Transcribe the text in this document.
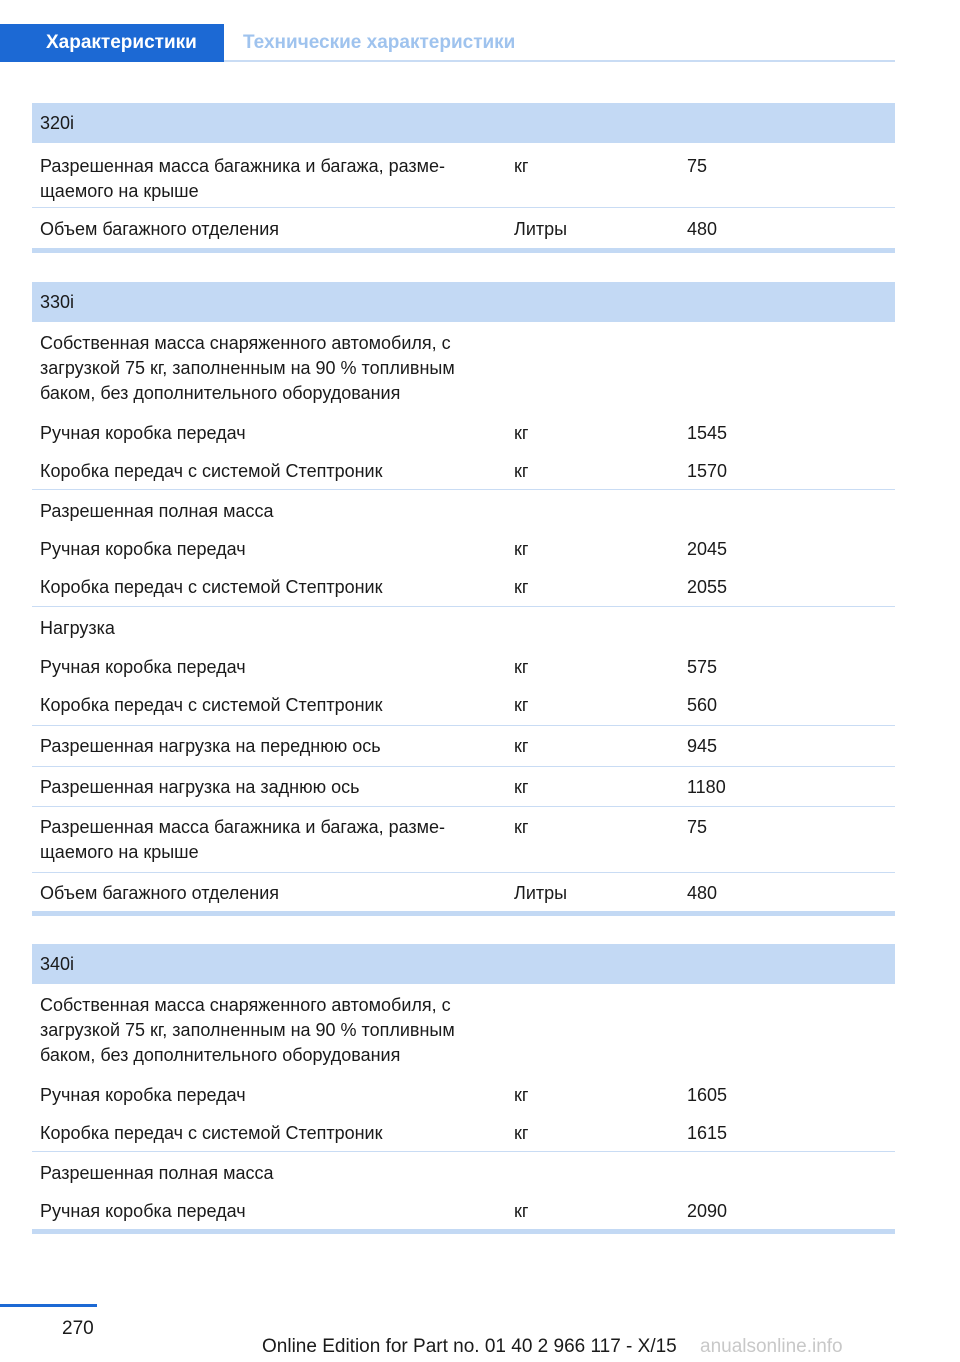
Характеристики	Технические характеристики
320i
Разрешенная масса багажника и багажа, разме-
щаемого на крыше
кг	75
Объем багажного отделения	Литры	480
330i
Собственная масса снаряженного автомобиля, с
загрузкой 75 кг, заполненным на 90 % топливным
баком, без дополнительного оборудования
Ручная коробка передач	кг	1545
Коробка передач с системой Стептроник	кг	1570
Разрешенная полная масса
Ручная коробка передач	кг	2045
Коробка передач с системой Стептроник	кг	2055
Нагрузка
Ручная коробка передач	кг	575
Коробка передач с системой Стептроник	кг	560
Разрешенная нагрузка на переднюю ось	кг	945
Разрешенная нагрузка на заднюю ось	кг	1180
Разрешенная масса багажника и багажа, разме-
щаемого на крыше
кг	75
Объем багажного отделения	Литры	480
340i
Собственная масса снаряженного автомобиля, с
загрузкой 75 кг, заполненным на 90 % топливным
баком, без дополнительного оборудования
Ручная коробка передач	кг	1605
Коробка передач с системой Стептроник	кг	1615
Разрешенная полная масса
Ручная коробка передач	кг	2090
270
Online Edition for Part no. 01 40 2 966 117 - X/15 anualsonline.info
